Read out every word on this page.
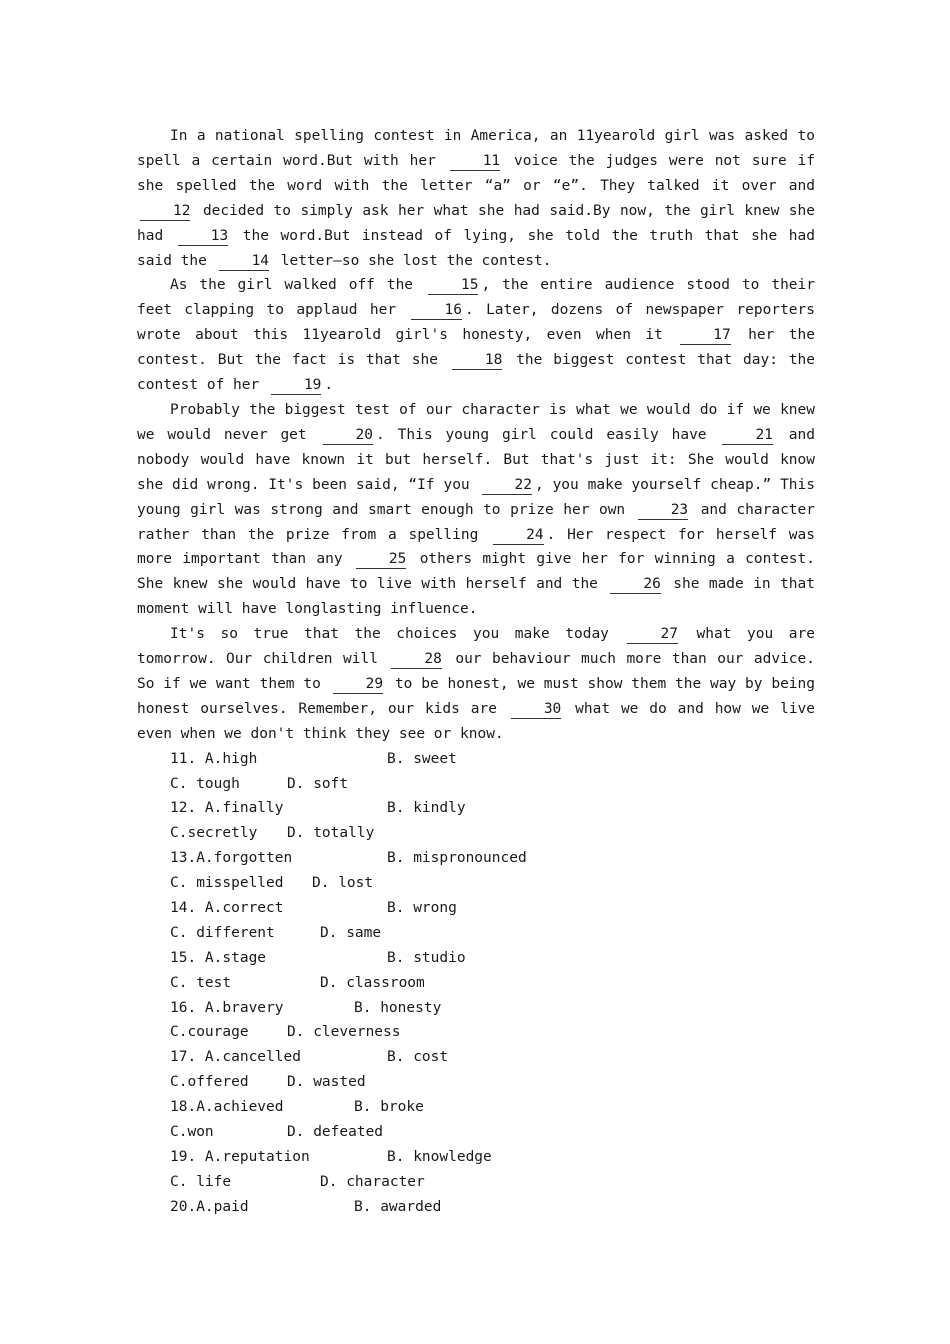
In a national spelling contest in America, an 11yearold girl was asked to spell a certain word.But with her 11 voice the judges were not sure if she spelled the word with the letter “a” or “e”. They talked it over and 12 decided to simply ask her what she had said.By now, the girl knew she had 13 the word.But instead of lying, she told the truth that she had said the 14 letter—so she lost the contest.

As the girl walked off the 15 , the entire audience stood to their feet clapping to applaud her 16 . Later, dozens of newspaper reporters wrote about this 11yearold girl's honesty, even when it 17 her the contest. But the fact is that she 18 the biggest contest that day: the contest of her 19 .

Probably the biggest test of our character is what we would do if we knew we would never get 20 . This young girl could easily have 21 and nobody would have known it but herself. But that's just it: She would know she did wrong. It's been said, “If you 22 , you make yourself cheap.” This young girl was strong and smart enough to prize her own 23 and character rather than the prize from a spelling 24 . Her respect for herself was more important than any 25 others might give her for winning a contest. She knew she would have to live with herself and the 26 she made in that moment will have longlasting influence.

It's so true that the choices you make today 27 what you are tomorrow. Our children will 28 our behaviour much more than our advice. So if we want them to 29 to be honest, we must show them the way by being honest ourselves. Remember, our kids are 30 what we do and how we live even when we don't think they see or know.

11. A.high	B. sweet
C. tough	D. soft
12. A.finally	B. kindly
C.secretly D. totally
13.A.forgotten	B. mispronounced
C. misspelled D. lost
14. A.correct	B. wrong
C. different	D. same
15. A.stage	B. studio
C. test	D. classroom
16. A.bravery	B. honesty
C.courage	D. cleverness
17. A.cancelled	B. cost
C.offered	D. wasted
18.A.achieved	B. broke
C.won	D. defeated
19. A.reputation	B. knowledge
C. life	D. character
20.A.paid	B. awarded
